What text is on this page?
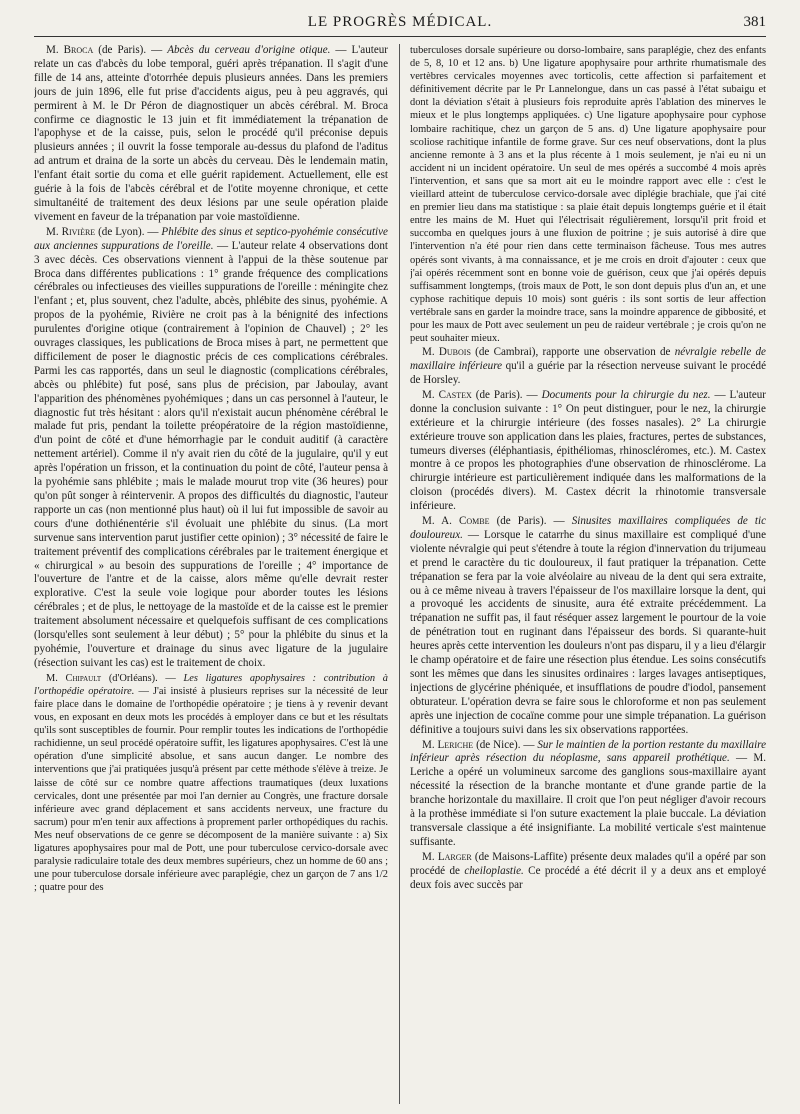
LE PROGRÈS MÉDICAL.	381

M. Broca (de Paris). — Abcès du cerveau d'origine otique. — L'auteur relate un cas d'abcès du lobe temporal, guéri après trépanation. Il s'agit d'une fille de 14 ans, atteinte d'otorrhée depuis plusieurs années. Dans les premiers jours de juin 1896, elle fut prise d'accidents aigus, peu à peu aggravés, qui permirent à M. le Dr Péron de diagnostiquer un abcès cérébral. M. Broca confirme ce diagnostic le 13 juin et fit immédiatement la trépanation de l'apophyse et de la caisse, puis, selon le procédé qu'il préconise depuis plusieurs années ; il ouvrit la fosse temporale au-dessus du plafond de l'aditus ad antrum et draina de la sorte un abcès du cerveau. Dès le lendemain matin, l'enfant était sortie du coma et elle guérit rapidement. Actuellement, elle est guérie à la fois de l'abcès cérébral et de l'otite moyenne chronique, et cette simultanéité de traitement des deux lésions par une seule opération plaide vivement en faveur de la trépanation par voie mastoïdienne.

M. Rivière (de Lyon). — Phlébite des sinus et septico-pyohémie consécutive aux anciennes suppurations de l'oreille. — L'auteur relate 4 observations dont 3 avec décès. Ces observations viennent à l'appui de la thèse soutenue par Broca dans différentes publications : 1° grande fréquence des complications cérébrales ou infectieuses des vieilles suppurations de l'oreille : méningite chez l'enfant ; et, plus souvent, chez l'adulte, abcès, phlébite des sinus, pyohémie. A propos de la pyohémie, Rivière ne croit pas à la bénignité des infections purulentes d'origine otique (contrairement à l'opinion de Chauvel) ; 2° les ouvrages classiques, les publications de Broca mises à part, ne permettent que difficilement de poser le diagnostic précis de ces complications cérébrales. Parmi les cas rapportés, dans un seul le diagnostic (complications cérébrales, abcès ou phlébite) fut posé, sans plus de précision, par Jaboulay, avant l'apparition des phénomènes pyohémiques ; dans un cas personnel à l'auteur, le diagnostic fut très hésitant : alors qu'il n'existait aucun phénomène cérébral le malade fut pris, pendant la toilette préopératoire de la région mastoïdienne, d'un point de côté et d'une hémorrhagie par le conduit auditif (à caractère nettement artériel). Comme il n'y avait rien du côté de la jugulaire, qu'il y eut après l'opération un frisson, et la continuation du point de côté, l'auteur pensa à la pyohémie sans phlébite ; mais le malade mourut trop vite (36 heures) pour qu'on pût songer à réintervenir. A propos des difficultés du diagnostic, l'auteur rapporte un cas (non mentionné plus haut) où il lui fut impossible de savoir au cours d'une dothiénentérie s'il évoluait une phlébite du sinus. (La mort survenue sans intervention parut justifier cette opinion) ; 3° nécessité de faire le traitement préventif des complications cérébrales par le traitement énergique et « chirurgical » au besoin des suppurations de l'oreille ; 4° importance de l'ouverture de l'antre et de la caisse, alors même qu'elle devrait rester explorative. C'est la seule voie logique pour aborder toutes les lésions cérébrales ; et de plus, le nettoyage de la mastoïde et de la caisse est le premier traitement absolument nécessaire et quelquefois suffisant de ces complications (lorsqu'elles sont seulement à leur début) ; 5° pour la phlébite du sinus et la pyohémie, l'ouverture et drainage du sinus avec ligature de la jugulaire (résection suivant les cas) est le traitement de choix.

M. Chipault (d'Orléans). — Les ligatures apophysaires : contribution à l'orthopédie opératoire. — J'ai insisté à plusieurs reprises sur la nécessité de leur faire place dans le domaine de l'orthopédie opératoire ; je tiens à y revenir devant vous, en exposant en deux mots les procédés à employer dans ce but et les résultats qu'ils sont susceptibles de fournir. Pour remplir toutes les indications de l'orthopédie rachidienne, un seul procédé opératoire suffit, les ligatures apophysaires. C'est là une opération d'une simplicité absolue, et sans aucun danger. Le nombre des interventions que j'ai pratiquées jusqu'à présent par cette méthode s'élève à treize. Je laisse de côté sur ce nombre quatre affections traumatiques (deux luxations cervicales, dont une présentée par moi l'an dernier au Congrès, une fracture dorsale inférieure avec grand déplacement et sans accidents nerveux, une fracture du sacrum) pour m'en tenir aux affections à proprement parler orthopédiques du rachis. Mes neuf observations de ce genre se décomposent de la manière suivante : a) Six ligatures apophysaires pour mal de Pott, une pour tuberculose cervico-dorsale avec paralysie radiculaire totale des deux membres supérieurs, chez un homme de 60 ans ; une pour tuberculose dorsale inférieure avec paraplégie, chez un garçon de 7 ans 1/2 ; quatre pour des

tuberculoses dorsale supérieure ou dorso-lombaire, sans paraplégie, chez des enfants de 5, 8, 10 et 12 ans. b) Une ligature apophysaire pour arthrite rhumatismale des vertèbres cervicales moyennes avec torticolis, cette affection si parfaitement et définitivement décrite par le Pr Lannelongue, dans un cas passé à l'état subaigu et dont la déviation s'était à plusieurs fois reproduite après l'ablation des minerves le mieux et le plus longtemps appliquées. c) Une ligature apophysaire pour cyphose lombaire rachitique, chez un garçon de 5 ans. d) Une ligature apophysaire pour scoliose rachitique infantile de forme grave. Sur ces neuf observations, dont la plus ancienne remonte à 3 ans et la plus récente à 1 mois seulement, je n'ai eu ni un accident ni un incident opératoire. Un seul de mes opérés a succombé 4 mois après l'intervention, et sans que sa mort ait eu le moindre rapport avec elle : c'est le vieillard atteint de tuberculose cervico-dorsale avec diplégie brachiale, que j'ai cité en premier lieu dans ma statistique : sa plaie était depuis longtemps guérie et il était entre les mains de M. Huet qui l'électrisait régulièrement, lorsqu'il prit froid et succomba en quelques jours à une fluxion de poitrine ; je suis autorisé à dire que l'intervention n'a été pour rien dans cette terminaison fâcheuse. Tous mes autres opérés sont vivants, à ma connaissance, et je me crois en droit d'ajouter : ceux que j'ai opérés récemment sont en bonne voie de guérison, ceux que j'ai opérés depuis suffisamment longtemps, (trois maux de Pott, le son dont depuis plus d'un an, et une cyphose rachitique depuis 10 mois) sont guéris : ils sont sortis de leur affection vertébrale sans en garder la moindre trace, sans la moindre apparence de gibbosité, et pour les maux de Pott avec seulement un peu de raideur vertébrale ; je crois qu'on ne peut souhaiter mieux.

M. Dubois (de Cambrai), rapporte une observation de névralgie rebelle de maxillaire inférieure qu'il a guérie par la résection nerveuse suivant le procédé de Horsley.

M. Castex (de Paris). — Documents pour la chirurgie du nez. — L'auteur donne la conclusion suivante : 1° On peut distinguer, pour le nez, la chirurgie extérieure et la chirurgie intérieure (des fosses nasales). 2° La chirurgie extérieure trouve son application dans les plaies, fractures, pertes de substances, tumeurs diverses (éléphantiasis, épithéliomas, rhinoscléromes, etc.). M. Castex montre à ce propos les photographies d'une observation de rhinosclérome. La chirurgie intérieure est particulièrement indiquée dans les malformations de la cloison (procédés divers). M. Castex décrit la rhinotomie transversale inférieure.

M. A. Combe (de Paris). — Sinusites maxillaires compliquées de tic douloureux. — Lorsque le catarrhe du sinus maxillaire est compliqué d'une violente névralgie qui peut s'étendre à toute la région d'innervation du trijumeau et prend le caractère du tic douloureux, il faut pratiquer la trépanation. Cette trépanation se fera par la voie alvéolaire au niveau de la dent qui sera extraite, ou à ce même niveau à travers l'épaisseur de l'os maxillaire lorsque la dent, qui a provoqué les accidents de sinusite, aura été extraite précédemment. La trépanation ne suffit pas, il faut réséquer assez largement le pourtour de la voie de pénétration tout en ruginant dans l'épaisseur des bords. Si quarante-huit heures après cette intervention les douleurs n'ont pas disparu, il y a lieu d'élargir le champ opératoire et de faire une résection plus étendue. Les soins consécutifs sont les mêmes que dans les sinusites ordinaires : larges lavages antiseptiques, injections de glycérine phéniquée, et insufflations de poudre d'iodol, pansement obturateur. L'opération devra se faire sous le chloroforme et non pas seulement après une injection de cocaïne comme pour une simple trépanation. La guérison définitive a toujours suivi dans les six observations rapportées.

M. Leriche (de Nice). — Sur le maintien de la portion restante du maxillaire inférieur après résection du néoplasme, sans appareil prothétique. — M. Leriche a opéré un volumineux sarcome des ganglions sous-maxillaire ayant nécessité la résection de la branche montante et d'une grande partie de la branche horizontale du maxillaire. Il croit que l'on peut négliger d'avoir recours à la prothèse immédiate si l'on suture exactement la plaie buccale. La déviation transversale classique a été insignifiante. La mobilité verticale s'est maintenue suffisante.

M. Larger (de Maisons-Laffite) présente deux malades qu'il a opéré par son procédé de cheiloplastie. Ce procédé a été décrit il y a deux ans et employé deux fois avec succès par
